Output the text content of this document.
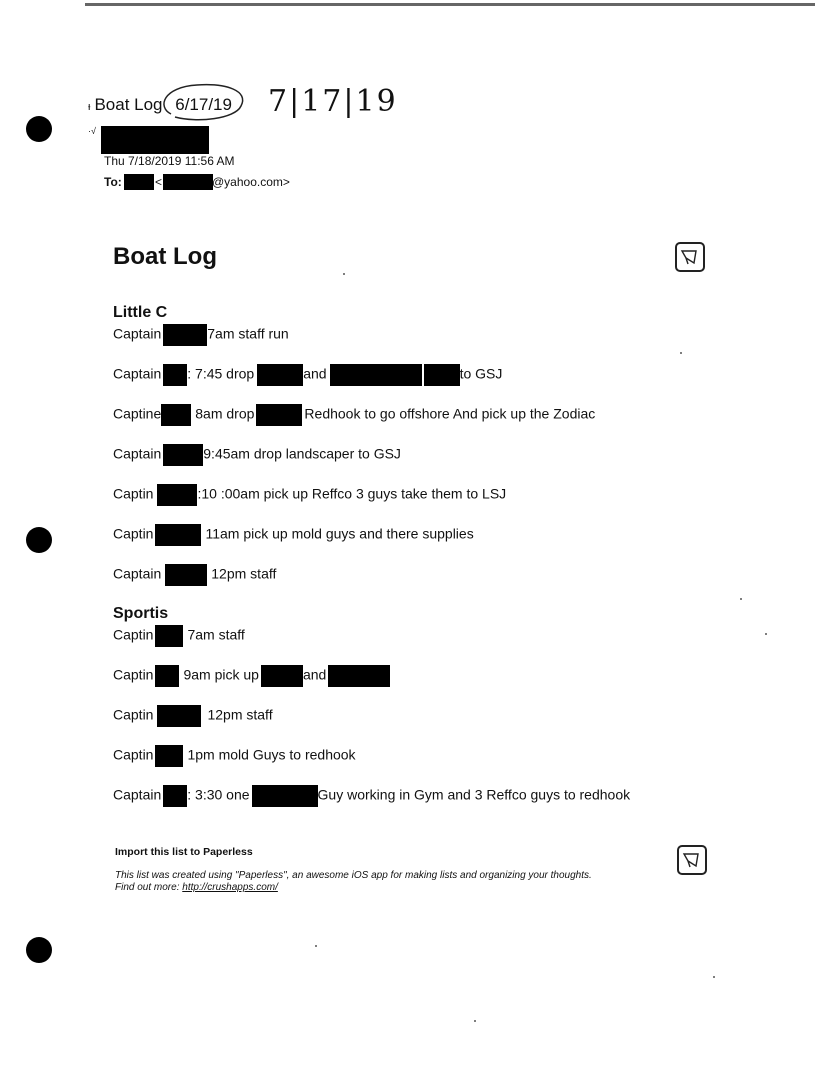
ᵻ Boat Log 6/17/19 7|17|19
·√
Thu 7/18/2019 11:56 AM
To:	<	@yahoo.com>
Boat Log
Little C
Captain	7am staff run
Captain : 7:45 drop	and	to GSJ
Captine 8am drop	Redhook to go offshore And pick up the Zodiac
Captain	9:45am drop landscaper to GSJ
Captin	:10 :00am pick up Reffco 3 guys take them to LSJ
Captin	11am pick up mold guys and there supplies
Captain	12pm staff
Sportis
Captin 7am staff
Captin 9am pick up	and
Captin	12pm staff
Captin 1pm mold Guys to redhook
Captain : 3:30 one	Guy working in Gym and 3 Reffco guys to redhook
Import this list to Paperless
This list was created using "Paperless", an awesome iOS app for making lists and organizing your thoughts.
Find out more: http://crushapps.com/
